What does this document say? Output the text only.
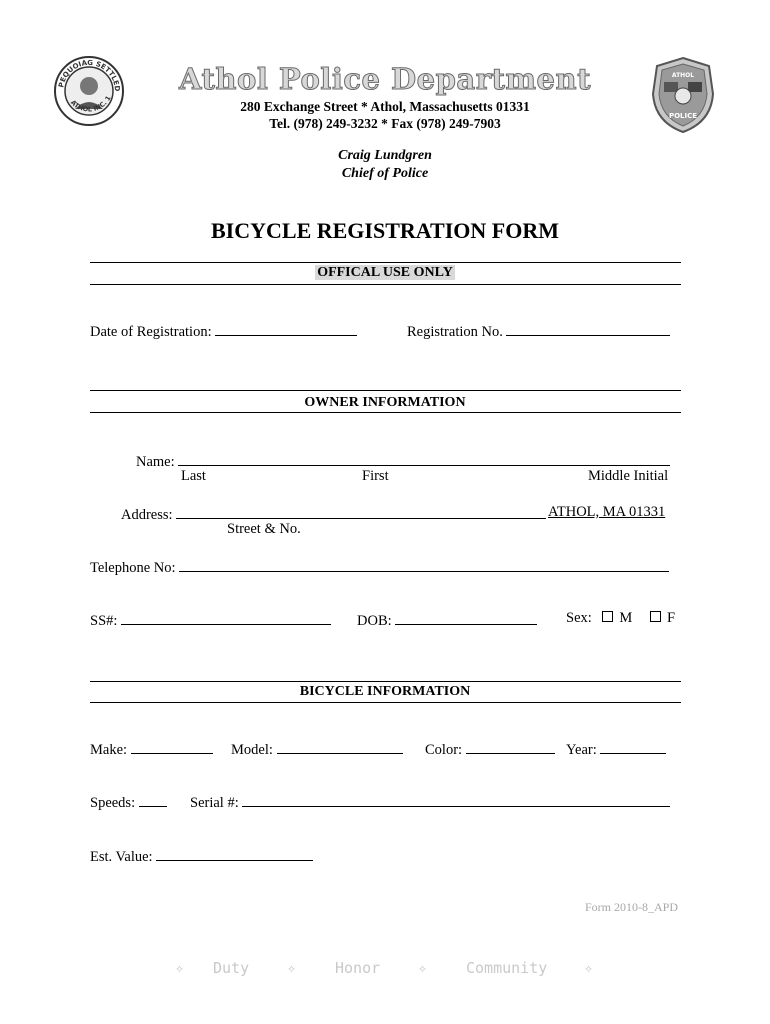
PEQUOIAG SETTLED
ATHOL INC. 1
ATHOL
POLICE
Athol Police Department
280 Exchange Street * Athol, Massachusetts 01331
Tel. (978) 249-3232 * Fax (978) 249-7903
Craig Lundgren
Chief of Police
BICYCLE REGISTRATION FORM
OFFICAL USE ONLY
Date of Registration:	Registration No.
OWNER INFORMATION
Name:
Last	First	Middle Initial
Address:	ATHOL, MA 01331
Street & No.
Telephone No:
SS#:	DOB:	Sex: M F
BICYCLE INFORMATION
Make:	Model:	Color:	Year:
Speeds:	Serial #:
Est. Value:
Form 2010-8_APD
✧ Duty	✧	Honor	✧	Community ✧
